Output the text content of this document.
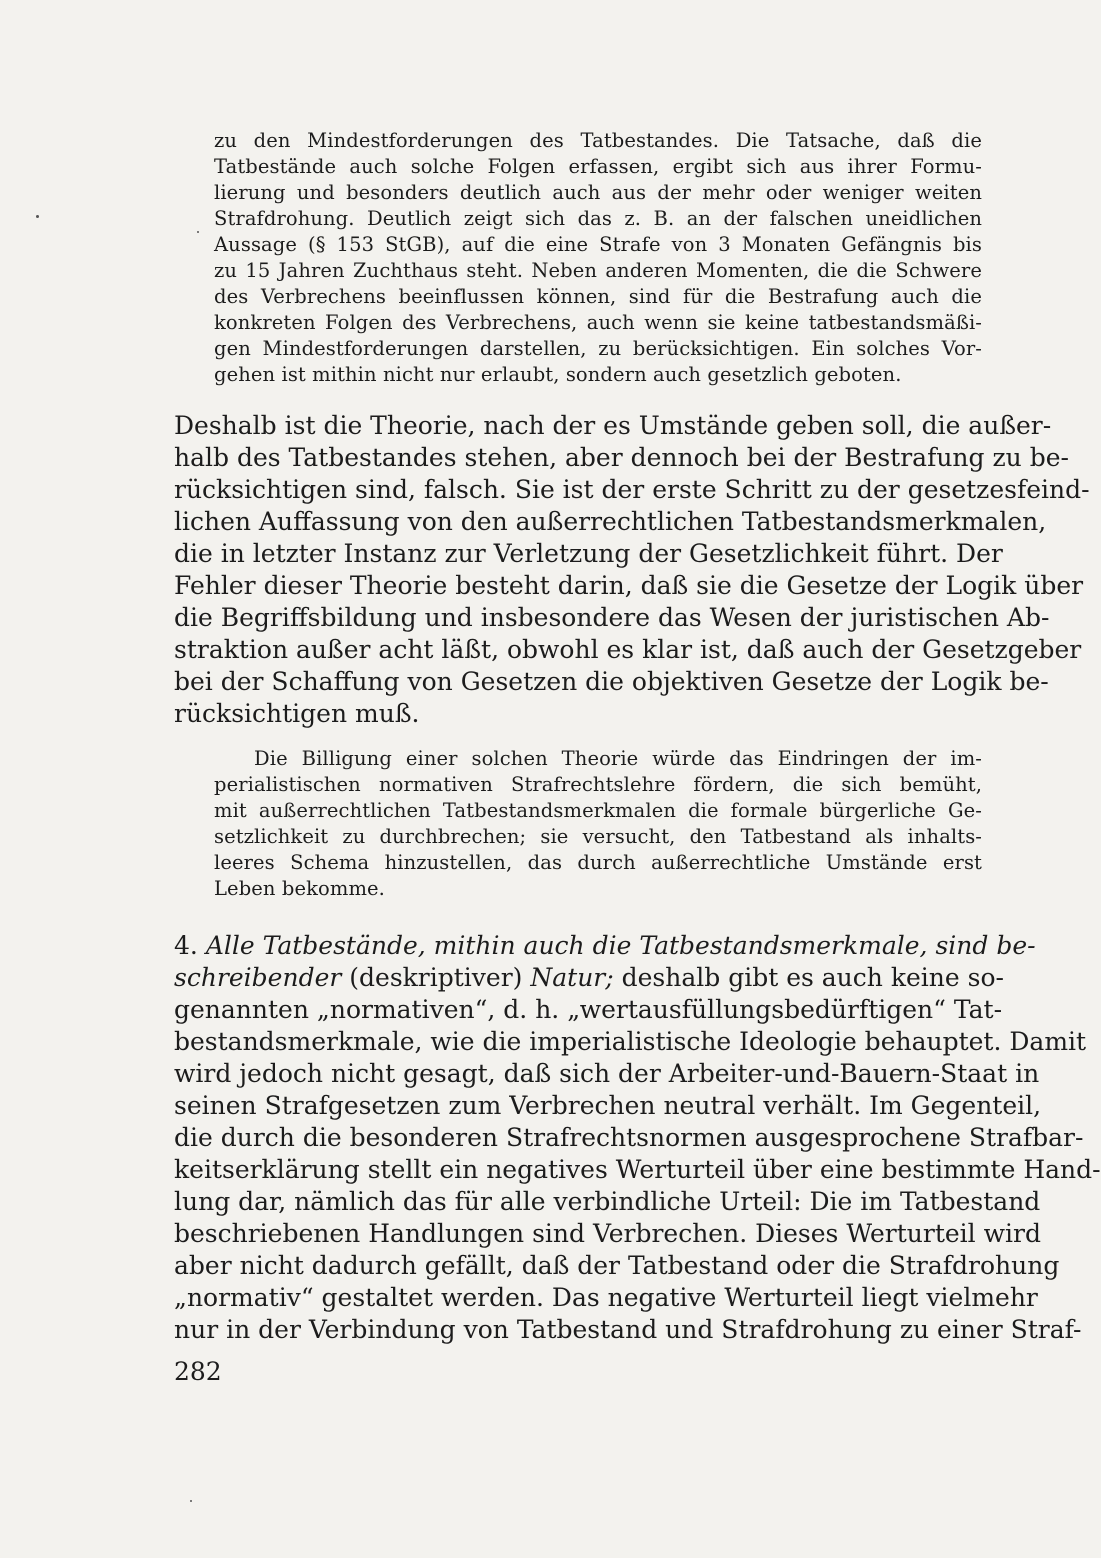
zu den Mindestforderungen des Tatbestandes. Die Tatsache, daß die
Tatbestände auch solche Folgen erfassen, ergibt sich aus ihrer Formu-
lierung und besonders deutlich auch aus der mehr oder weniger weiten
Strafdrohung. Deutlich zeigt sich das z. B. an der falschen uneidlichen
Aussage (§ 153 StGB), auf die eine Strafe von 3 Monaten Gefängnis bis
zu 15 Jahren Zuchthaus steht. Neben anderen Momenten, die die Schwere
des Verbrechens beeinflussen können, sind für die Bestrafung auch die
konkreten Folgen des Verbrechens, auch wenn sie keine tatbestandsmäßi-
gen Mindestforderungen darstellen, zu berücksichtigen. Ein solches Vor-
gehen ist mithin nicht nur erlaubt, sondern auch gesetzlich geboten.
Deshalb ist die Theorie, nach der es Umstände geben soll, die außer-
halb des Tatbestandes stehen, aber dennoch bei der Bestrafung zu be-
rücksichtigen sind, falsch. Sie ist der erste Schritt zu der gesetzesfeind-
lichen Auffassung von den außerrechtlichen Tatbestandsmerkmalen,
die in letzter Instanz zur Verletzung der Gesetzlichkeit führt. Der
Fehler dieser Theorie besteht darin, daß sie die Gesetze der Logik über
die Begriffsbildung und insbesondere das Wesen der juristischen Ab-
straktion außer acht läßt, obwohl es klar ist, daß auch der Gesetzgeber
bei der Schaffung von Gesetzen die objektiven Gesetze der Logik be-
rücksichtigen muß.
Die Billigung einer solchen Theorie würde das Eindringen der im-
perialistischen normativen Strafrechtslehre fördern, die sich bemüht,
mit außerrechtlichen Tatbestandsmerkmalen die formale bürgerliche Ge-
setzlichkeit zu durchbrechen; sie versucht, den Tatbestand als inhalts-
leeres Schema hinzustellen, das durch außerrechtliche Umstände erst
Leben bekomme.
4. Alle Tatbestände, mithin auch die Tatbestandsmerkmale, sind be-
schreibender (deskriptiver) Natur; deshalb gibt es auch keine so-
genannten „normativen“, d. h. „wertausfüllungsbedürftigen“ Tat-
bestandsmerkmale, wie die imperialistische Ideologie behauptet. Damit
wird jedoch nicht gesagt, daß sich der Arbeiter-und-Bauern-Staat in
seinen Strafgesetzen zum Verbrechen neutral verhält. Im Gegenteil,
die durch die besonderen Strafrechtsnormen ausgesprochene Strafbar-
keitserklärung stellt ein negatives Werturteil über eine bestimmte Hand-
lung dar, nämlich das für alle verbindliche Urteil: Die im Tatbestand
beschriebenen Handlungen sind Verbrechen. Dieses Werturteil wird
aber nicht dadurch gefällt, daß der Tatbestand oder die Strafdrohung
„normativ“ gestaltet werden. Das negative Werturteil liegt vielmehr
nur in der Verbindung von Tatbestand und Strafdrohung zu einer Straf-
282
